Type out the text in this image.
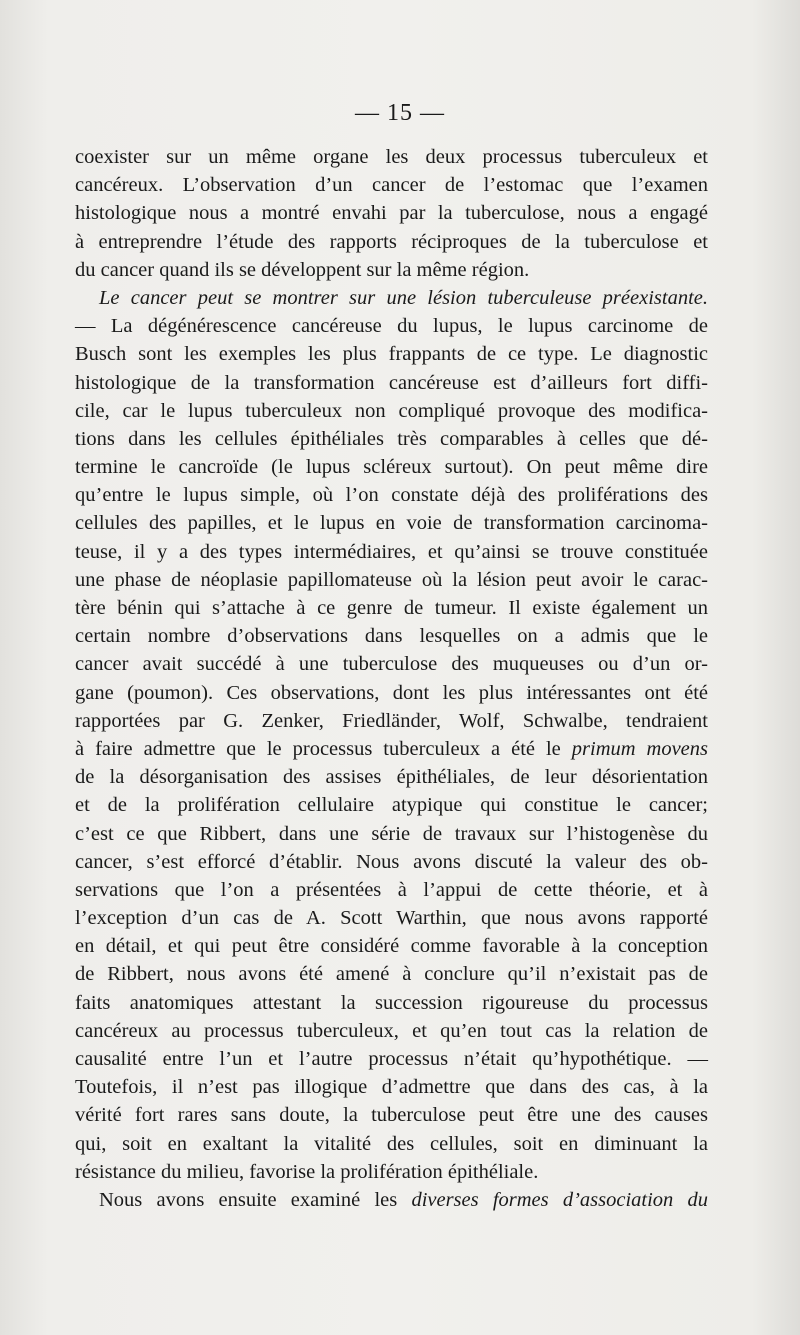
— 15 —
coexister sur un même organe les deux processus tuberculeux et
cancéreux. L’observation d’un cancer de l’estomac que l’examen
histologique nous a montré envahi par la tuberculose, nous a engagé
à entreprendre l’étude des rapports réciproques de la tuberculose et
du cancer quand ils se développent sur la même région.
Le cancer peut se montrer sur une lésion tuberculeuse préexistante.
— La dégénérescence cancéreuse du lupus, le lupus carcinome de
Busch sont les exemples les plus frappants de ce type. Le diagnostic
histologique de la transformation cancéreuse est d’ailleurs fort diffi-
cile, car le lupus tuberculeux non compliqué provoque des modifica-
tions dans les cellules épithéliales très comparables à celles que dé-
termine le cancroïde (le lupus scléreux surtout). On peut même dire
qu’entre le lupus simple, où l’on constate déjà des proliférations des
cellules des papilles, et le lupus en voie de transformation carcinoma-
teuse, il y a des types intermédiaires, et qu’ainsi se trouve constituée
une phase de néoplasie papillomateuse où la lésion peut avoir le carac-
tère bénin qui s’attache à ce genre de tumeur. Il existe également un
certain nombre d’observations dans lesquelles on a admis que le
cancer avait succédé à une tuberculose des muqueuses ou d’un or-
gane (poumon). Ces observations, dont les plus intéressantes ont été
rapportées par G. Zenker, Friedländer, Wolf, Schwalbe, tendraient
à faire admettre que le processus tuberculeux a été le primum movens
de la désorganisation des assises épithéliales, de leur désorientation
et de la prolifération cellulaire atypique qui constitue le cancer;
c’est ce que Ribbert, dans une série de travaux sur l’histogenèse du
cancer, s’est efforcé d’établir. Nous avons discuté la valeur des ob-
servations que l’on a présentées à l’appui de cette théorie, et à
l’exception d’un cas de A. Scott Warthin, que nous avons rapporté
en détail, et qui peut être considéré comme favorable à la conception
de Ribbert, nous avons été amené à conclure qu’il n’existait pas de
faits anatomiques attestant la succession rigoureuse du processus
cancéreux au processus tuberculeux, et qu’en tout cas la relation de
causalité entre l’un et l’autre processus n’était qu’hypothétique. —
Toutefois, il n’est pas illogique d’admettre que dans des cas, à la
vérité fort rares sans doute, la tuberculose peut être une des causes
qui, soit en exaltant la vitalité des cellules, soit en diminuant la
résistance du milieu, favorise la prolifération épithéliale.
Nous avons ensuite examiné les diverses formes d’association du
